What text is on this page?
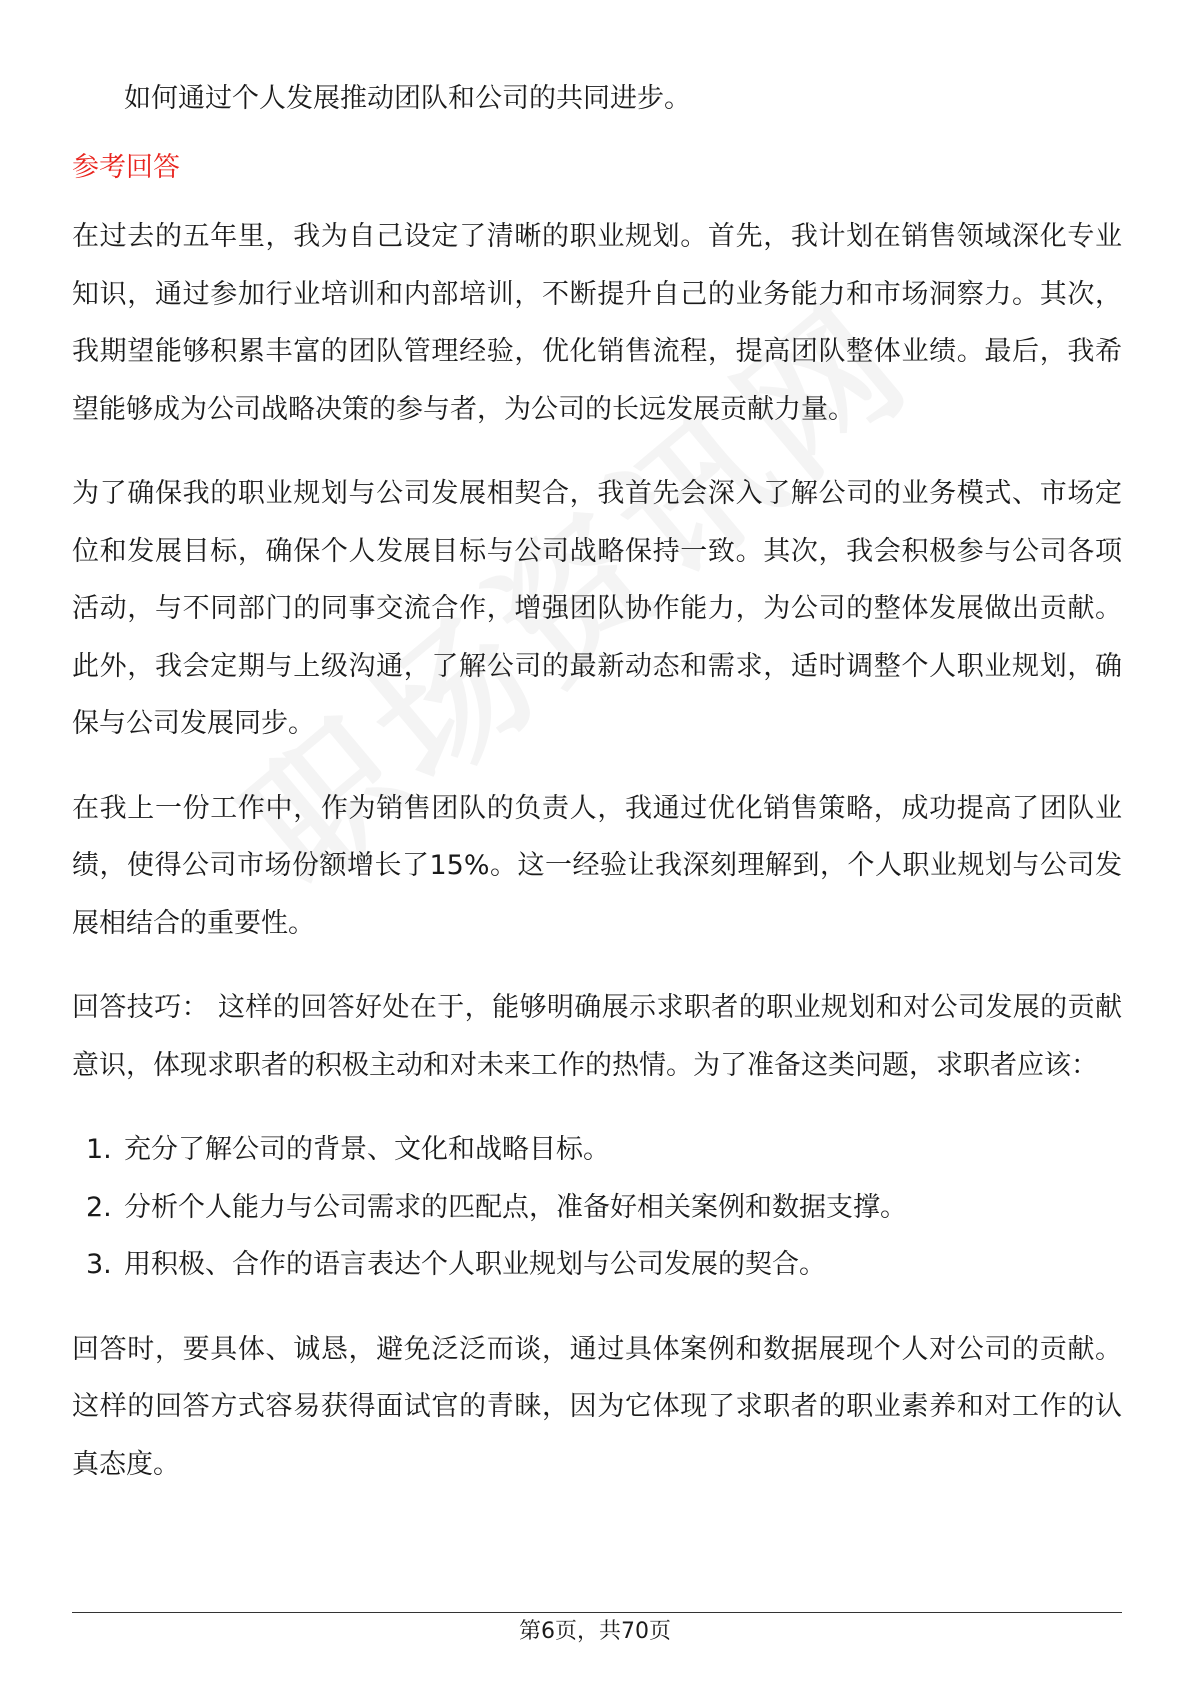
如何通过个人发展推动团队和公司的共同进步。

参考回答

在过去的五年里，我为自己设定了清晰的职业规划。首先，我计划在销售领域深化专业知识，通过参加行业培训和内部培训，不断提升自己的业务能力和市场洞察力。其次，我期望能够积累丰富的团队管理经验，优化销售流程，提高团队整体业绩。最后，我希望能够成为公司战略决策的参与者，为公司的长远发展贡献力量。

为了确保我的职业规划与公司发展相契合，我首先会深入了解公司的业务模式、市场定位和发展目标，确保个人发展目标与公司战略保持一致。其次，我会积极参与公司各项活动，与不同部门的同事交流合作，增强团队协作能力，为公司的整体发展做出贡献。此外，我会定期与上级沟通，了解公司的最新动态和需求，适时调整个人职业规划，确保与公司发展同步。

在我上一份工作中，作为销售团队的负责人，我通过优化销售策略，成功提高了团队业绩，使得公司市场份额增长了15%。这一经验让我深刻理解到，个人职业规划与公司发展相结合的重要性。

回答技巧： 这样的回答好处在于，能够明确展示求职者的职业规划和对公司发展的贡献意识，体现求职者的积极主动和对未来工作的热情。为了准备这类问题，求职者应该：

1. 充分了解公司的背景、文化和战略目标。
2. 分析个人能力与公司需求的匹配点，准备好相关案例和数据支撑。
3. 用积极、合作的语言表达个人职业规划与公司发展的契合。

回答时，要具体、诚恳，避免泛泛而谈，通过具体案例和数据展现个人对公司的贡献。这样的回答方式容易获得面试官的青睐，因为它体现了求职者的职业素养和对工作的认真态度。

第6页，共70页
